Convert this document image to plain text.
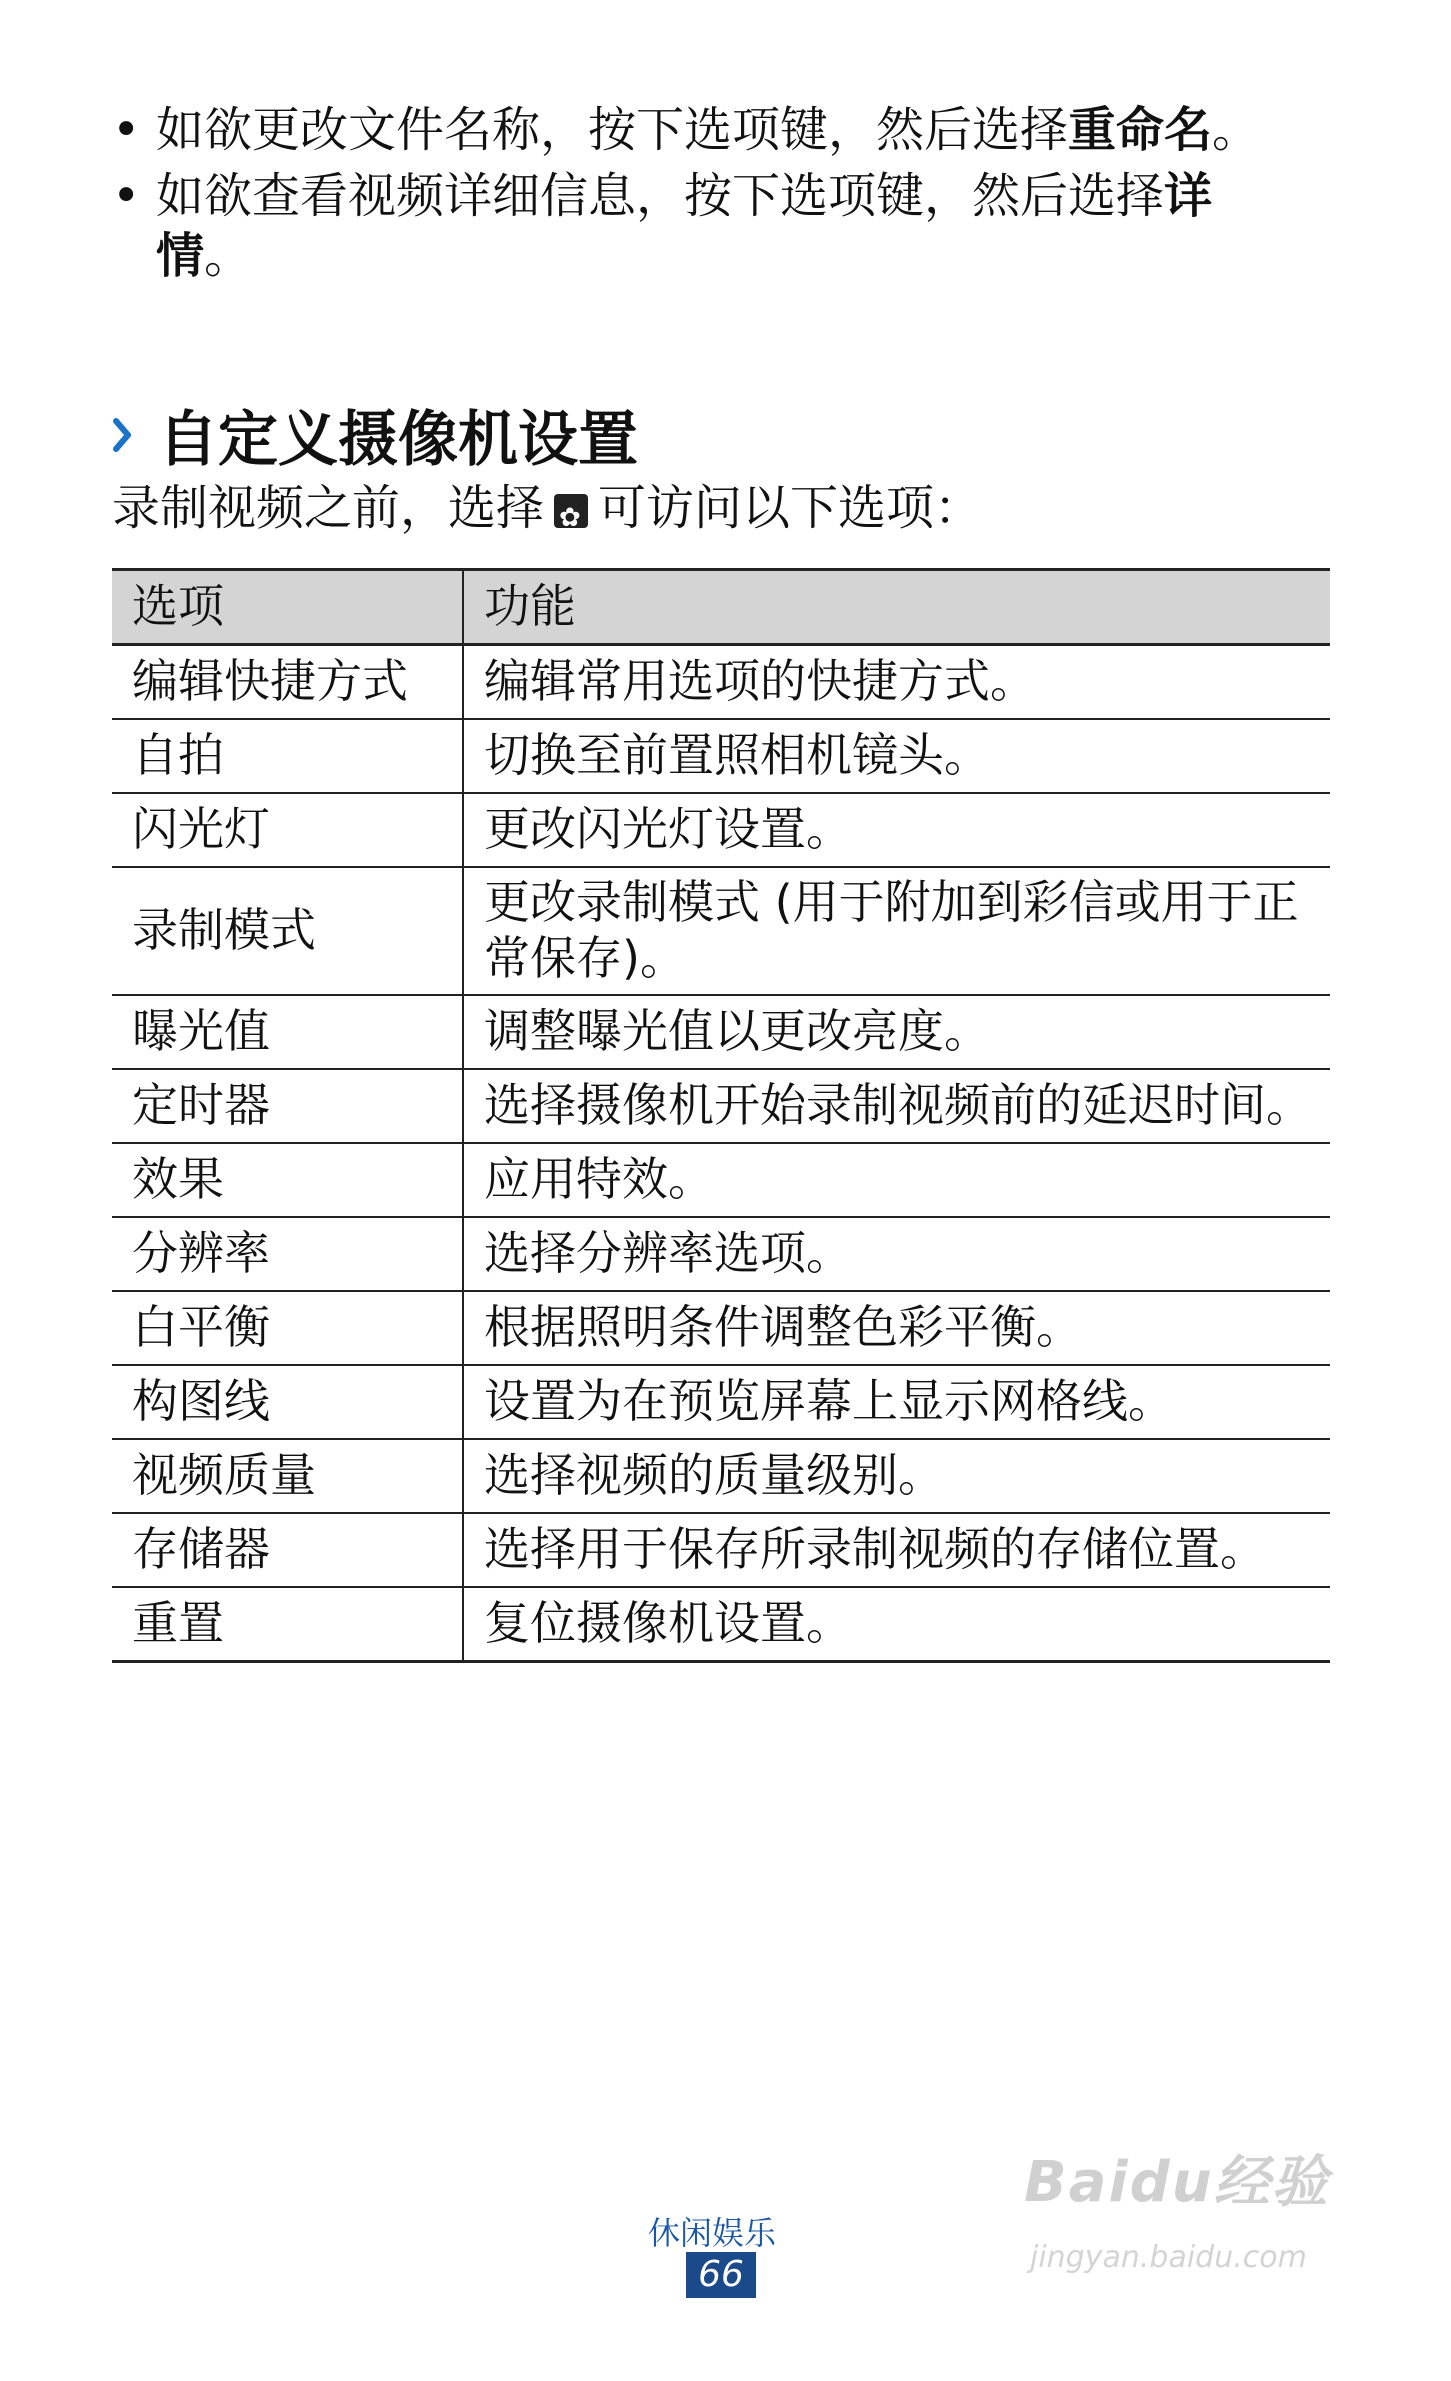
• 如欲更改文件名称，按下选项键，然后选择重命名。
• 如欲查看视频详细信息，按下选项键，然后选择详情。
自定义摄像机设置
录制视频之前，选择 ✿ 可访问以下选项：
选项	功能
编辑快捷方式	编辑常用选项的快捷方式。
自拍	切换至前置照相机镜头。
闪光灯	更改闪光灯设置。
录制模式	更改录制模式 (用于附加到彩信或用于正常保存)。
曝光值	调整曝光值以更改亮度。
定时器	选择摄像机开始录制视频前的延迟时间。
效果	应用特效。
分辨率	选择分辨率选项。
白平衡	根据照明条件调整色彩平衡。
构图线	设置为在预览屏幕上显示网格线。
视频质量	选择视频的质量级别。
存储器	选择用于保存所录制视频的存储位置。
重置	复位摄像机设置。
休闲娱乐
66
Baidu经验
jingyan.baidu.com
